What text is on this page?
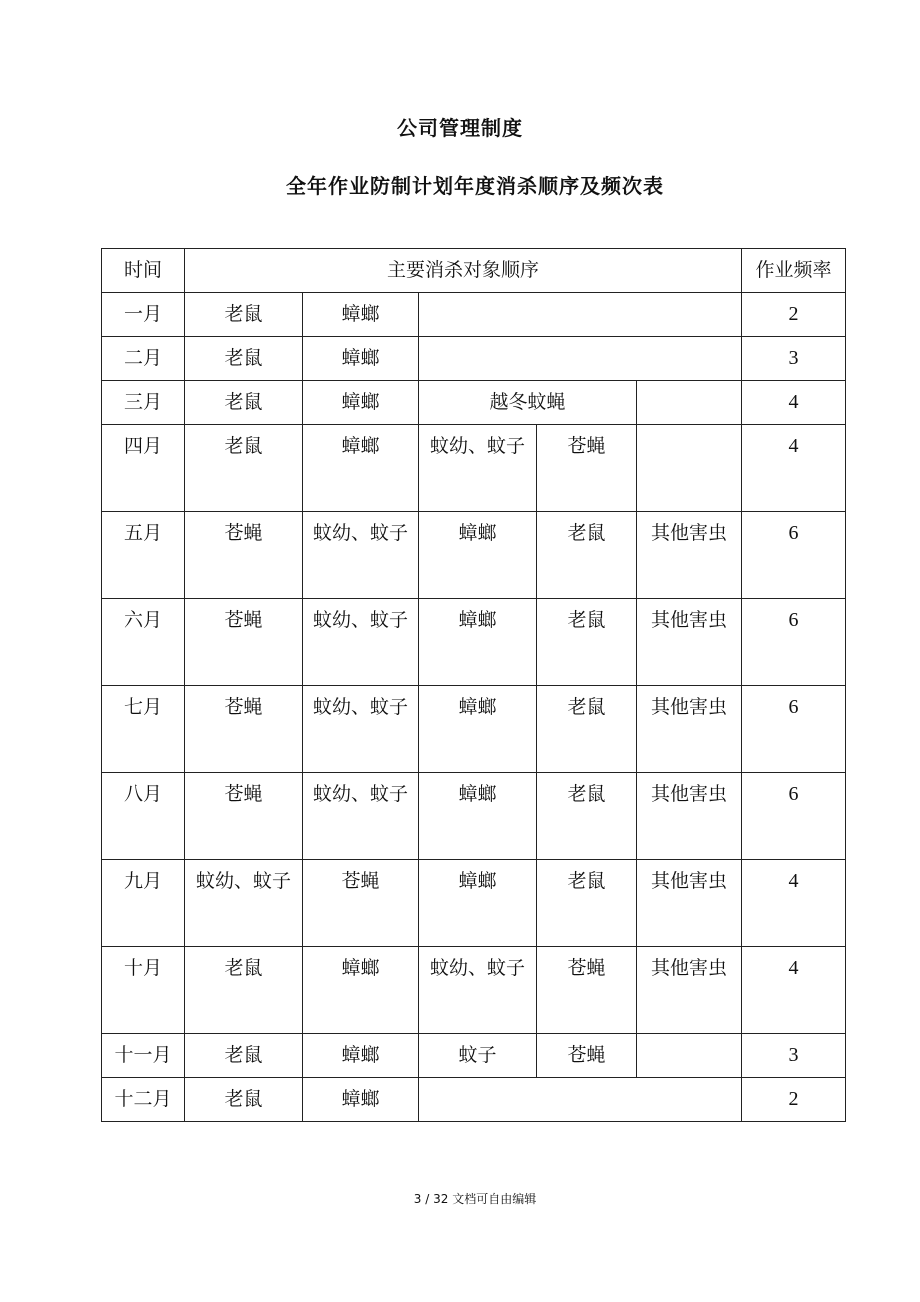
公司管理制度
全年作业防制计划年度消杀顺序及频次表
时间	主要消杀对象顺序					作业频率
一月	老鼠	蟑螂				2
二月	老鼠	蟑螂				3
三月	老鼠	蟑螂	越冬蚊蝇			4
四月	老鼠	蟑螂	蚊幼、蚊子	苍蝇		4
五月	苍蝇	蚊幼、蚊子	蟑螂	老鼠	其他害虫	6
六月	苍蝇	蚊幼、蚊子	蟑螂	老鼠	其他害虫	6
七月	苍蝇	蚊幼、蚊子	蟑螂	老鼠	其他害虫	6
八月	苍蝇	蚊幼、蚊子	蟑螂	老鼠	其他害虫	6
九月	蚊幼、蚊子	苍蝇	蟑螂	老鼠	其他害虫	4
十月	老鼠	蟑螂	蚊幼、蚊子	苍蝇	其他害虫	4
十一月	老鼠	蟑螂	蚊子	苍蝇		3
十二月	老鼠	蟑螂				2
3 / 32 文档可自由编辑
